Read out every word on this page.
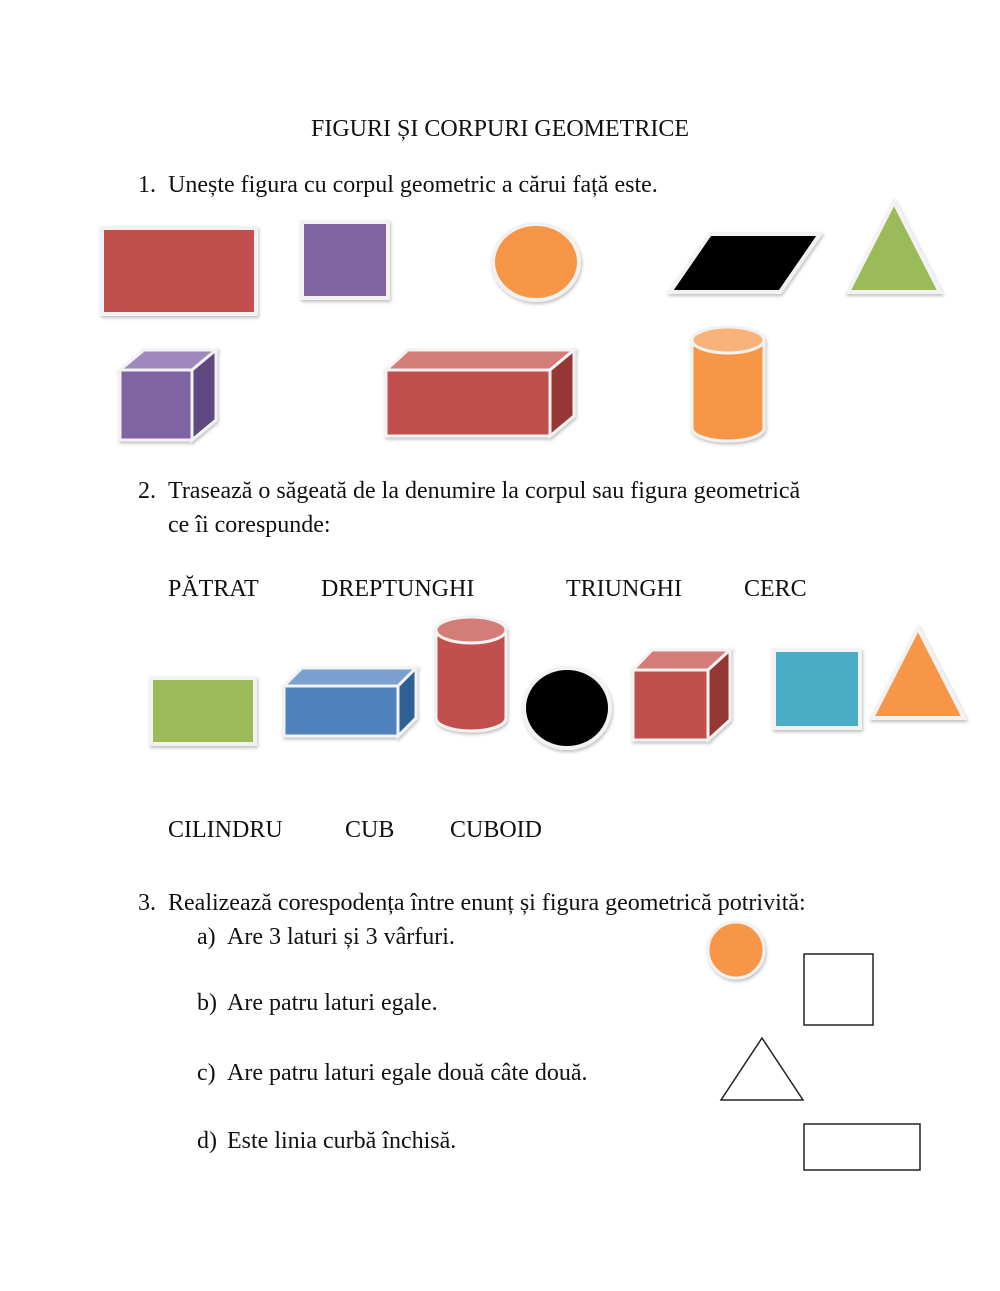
FIGURI ȘI CORPURI GEOMETRICE
1. Unește figura cu corpul geometric a cărui față este.
2. Trasează o săgeată de la denumire la corpul sau figura geometrică
ce îi corespunde:
PĂTRAT	DREPTUNGHI	TRIUNGHI	CERC
CILINDRU	CUB CUBOID
3. Realizează corespodența între enunț și figura geometrică potrivită:
a) Are 3 laturi și 3 vârfuri.
b) Are patru laturi egale.
c) Are patru laturi egale două câte două.
d) Este linia curbă închisă.
